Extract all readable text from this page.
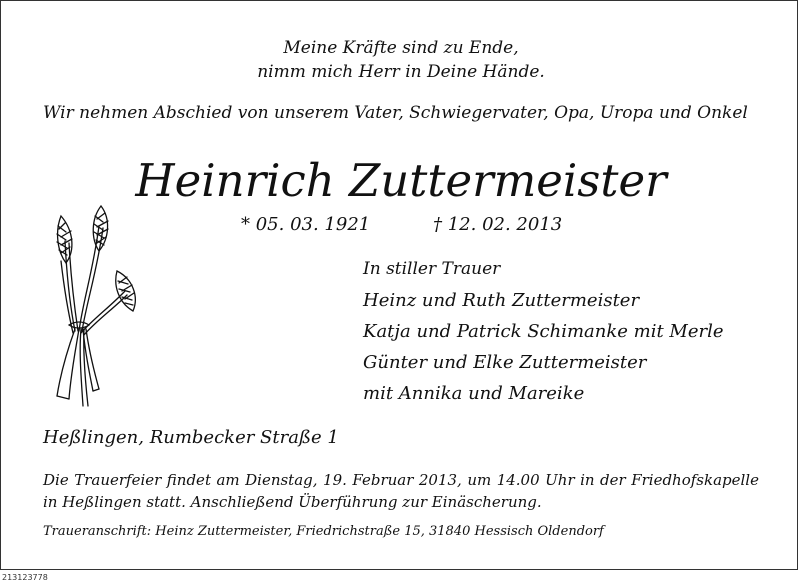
Meine Kräfte sind zu Ende,
nimm mich Herr in Deine Hände.
Wir nehmen Abschied von unserem Vater, Schwiegervater, Opa, Uropa und Onkel
Heinrich Zuttermeister
* 05. 03. 1921	† 12. 02. 2013
In stiller Trauer
Heinz und Ruth Zuttermeister
Katja und Patrick Schimanke mit Merle
Günter und Elke Zuttermeister
mit Annika und Mareike
Heßlingen, Rumbecker Straße 1
Die Trauerfeier findet am Dienstag, 19. Februar 2013, um 14.00 Uhr in der Friedhofskapelle in Heßlingen statt. Anschließend Überführung zur Einäscherung.
Traueranschrift: Heinz Zuttermeister, Friedrichstraße 15, 31840 Hessisch Oldendorf
213123778
